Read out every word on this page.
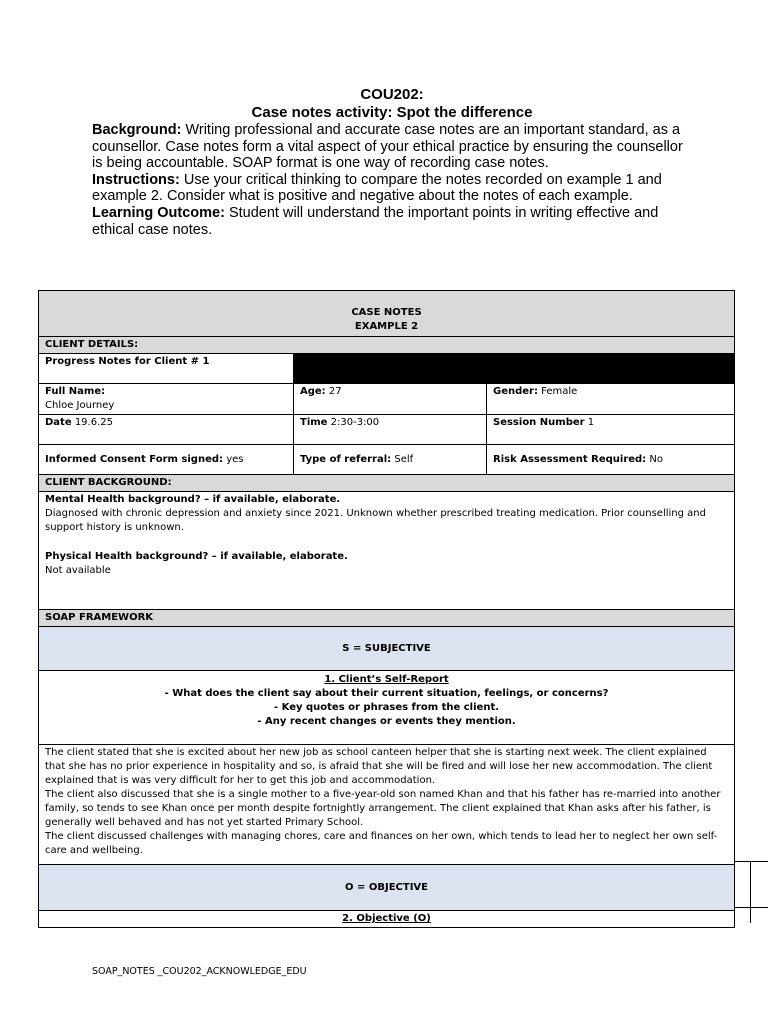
COU202:
Case notes activity: Spot the difference

Background: Writing professional and accurate case notes are an important standard, as a counsellor. Case notes form a vital aspect of your ethical practice by ensuring the counsellor is being accountable. SOAP format is one way of recording case notes.

Instructions: Use your critical thinking to compare the notes recorded on example 1 and example 2. Consider what is positive and negative about the notes of each example.

Learning Outcome: Student will understand the important points in writing effective and ethical case notes.

CASE NOTES
EXAMPLE 2		

CLIENT DETAILS:		
Progress Notes for Client # 1		

Full Name:
Chloe Journey	Age: 27	Gender: Female
Date 19.6.25	Time 2:30-3:00	Session Number 1
Informed Consent Form signed: yes	Type of referral: Self	Risk Assessment Required: No
CLIENT BACKGROUND:		

Mental Health background? – if available, elaborate.
Diagnosed with chronic depression and anxiety since 2021. Unknown whether prescribed treating medication. Prior counselling and support history is unknown.
Physical Health background? – if available, elaborate.
Not available		

SOAP FRAMEWORK		
S = SUBJECTIVE		

1. Client’s Self-Report
- What does the client say about their current situation, feelings, or concerns?
- Key quotes or phrases from the client.
- Any recent changes or events they mention.		

The client stated that she is excited about her new job as school canteen helper that she is starting next week. The client explained that she has no prior experience in hospitality and so, is afraid that she will be fired and will lose her new accommodation. The client explained that is was very difficult for her to get this job and accommodation.
The client also discussed that she is a single mother to a five-year-old son named Khan and that his father has re-married into another family, so tends to see Khan once per month despite fortnightly arrangement. The client explained that Khan asks after his father, is generally well behaved and has not yet started Primary School.
The client discussed challenges with managing chores, care and finances on her own, which tends to lead her to neglect her own self-care and wellbeing.		

O = OBJECTIVE		
2. Objective (O)		
SOAP_NOTES _COU202_ACKNOWLEDGE_EDU
